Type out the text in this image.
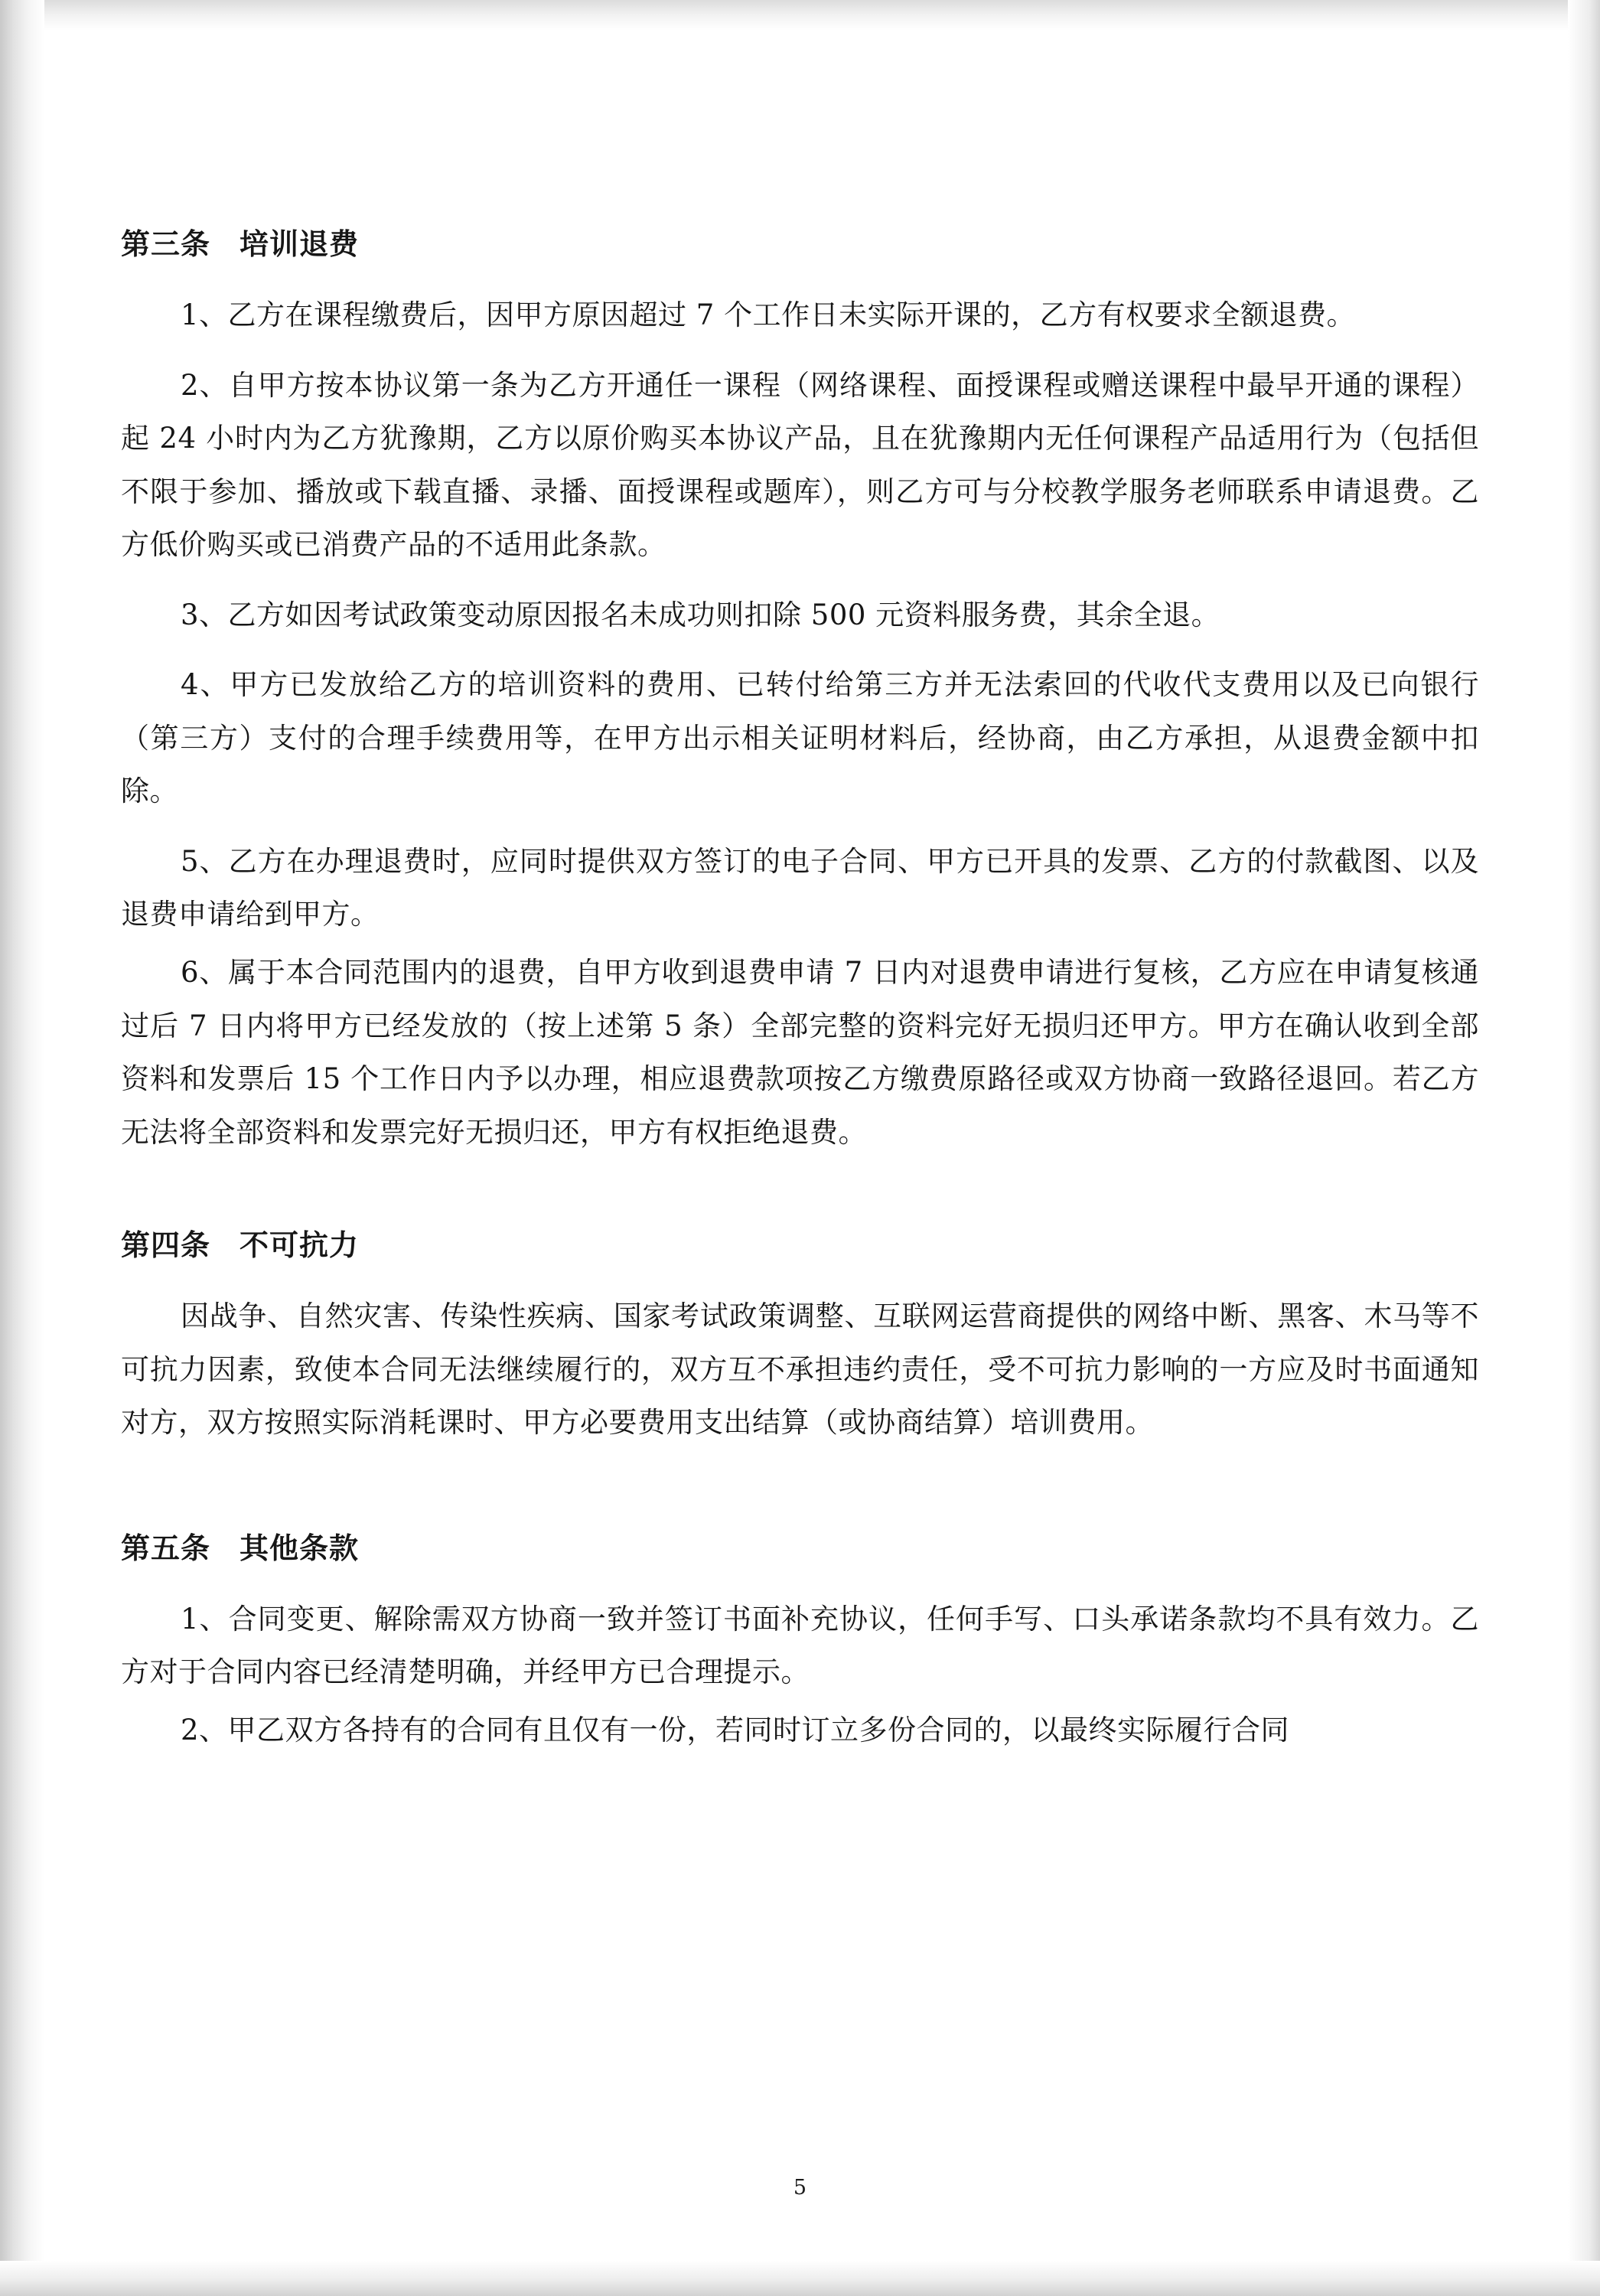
第三条 培训退费

1、乙方在课程缴费后，因甲方原因超过 7 个工作日未实际开课的，乙方有权要求全额退费。

2、自甲方按本协议第一条为乙方开通任一课程（网络课程、面授课程或赠送课程中最早开通的课程）起 24 小时内为乙方犹豫期，乙方以原价购买本协议产品，且在犹豫期内无任何课程产品适用行为（包括但不限于参加、播放或下载直播、录播、面授课程或题库），则乙方可与分校教学服务老师联系申请退费。乙方低价购买或已消费产品的不适用此条款。

3、乙方如因考试政策变动原因报名未成功则扣除 500 元资料服务费，其余全退。

4、甲方已发放给乙方的培训资料的费用、已转付给第三方并无法索回的代收代支费用以及已向银行（第三方）支付的合理手续费用等，在甲方出示相关证明材料后，经协商，由乙方承担，从退费金额中扣除。

5、乙方在办理退费时，应同时提供双方签订的电子合同、甲方已开具的发票、乙方的付款截图、以及退费申请给到甲方。

6、属于本合同范围内的退费，自甲方收到退费申请 7 日内对退费申请进行复核，乙方应在申请复核通过后 7 日内将甲方已经发放的（按上述第 5 条）全部完整的资料完好无损归还甲方。甲方在确认收到全部资料和发票后 15 个工作日内予以办理，相应退费款项按乙方缴费原路径或双方协商一致路径退回。若乙方无法将全部资料和发票完好无损归还，甲方有权拒绝退费。

第四条 不可抗力

因战争、自然灾害、传染性疾病、国家考试政策调整、互联网运营商提供的网络中断、黑客、木马等不可抗力因素，致使本合同无法继续履行的，双方互不承担违约责任，受不可抗力影响的一方应及时书面通知对方，双方按照实际消耗课时、甲方必要费用支出结算（或协商结算）培训费用。

第五条 其他条款

1、合同变更、解除需双方协商一致并签订书面补充协议，任何手写、口头承诺条款均不具有效力。乙方对于合同内容已经清楚明确，并经甲方已合理提示。

2、甲乙双方各持有的合同有且仅有一份，若同时订立多份合同的，以最终实际履行合同

5
